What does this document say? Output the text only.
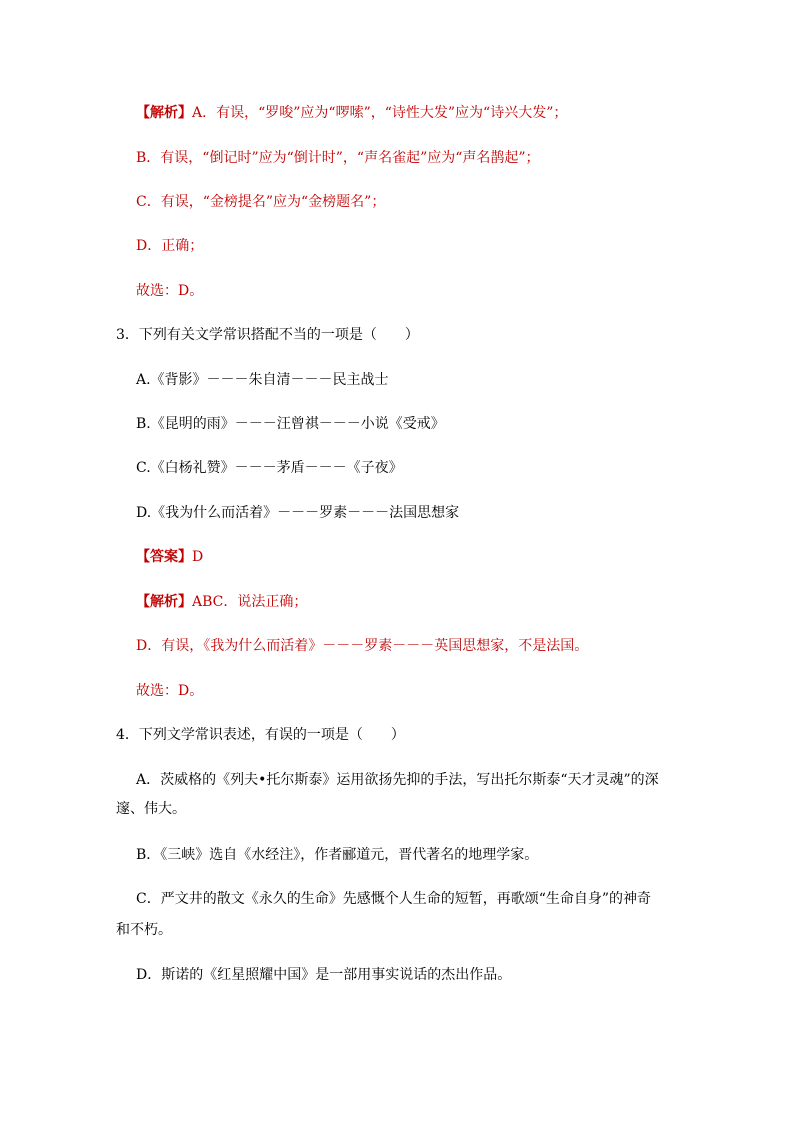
【解析】A．有误，“罗唆”应为“啰嗦”，“诗性大发”应为“诗兴大发”；
B．有误，“倒记时”应为“倒计时”，“声名雀起”应为“声名鹊起”；
C．有误，“金榜提名”应为“金榜题名”；
D．正确；
故选：D。
3．下列有关文学常识搭配不当的一项是（　　）
A.《背影》－－－朱自清－－－民主战士
B.《昆明的雨》－－－汪曾祺－－－小说《受戒》
C.《白杨礼赞》－－－茅盾－－－《子夜》
D.《我为什么而活着》－－－罗素－－－法国思想家
【答案】D
【解析】ABC．说法正确；
D．有误，《我为什么而活着》－－－罗素－－－英国思想家，不是法国。
故选：D。
4．下列文学常识表述，有误的一项是（　　）
A．茨威格的《列夫•托尔斯泰》运用欲扬先抑的手法，写出托尔斯泰“天才灵魂”的深
邃、伟大。
B．《三峡》选自《水经注》，作者郦道元，晋代著名的地理学家。
C．严文井的散文《永久的生命》先感慨个人生命的短暂，再歌颂“生命自身”的神奇
和不朽。
D．斯诺的《红星照耀中国》是一部用事实说话的杰出作品。
